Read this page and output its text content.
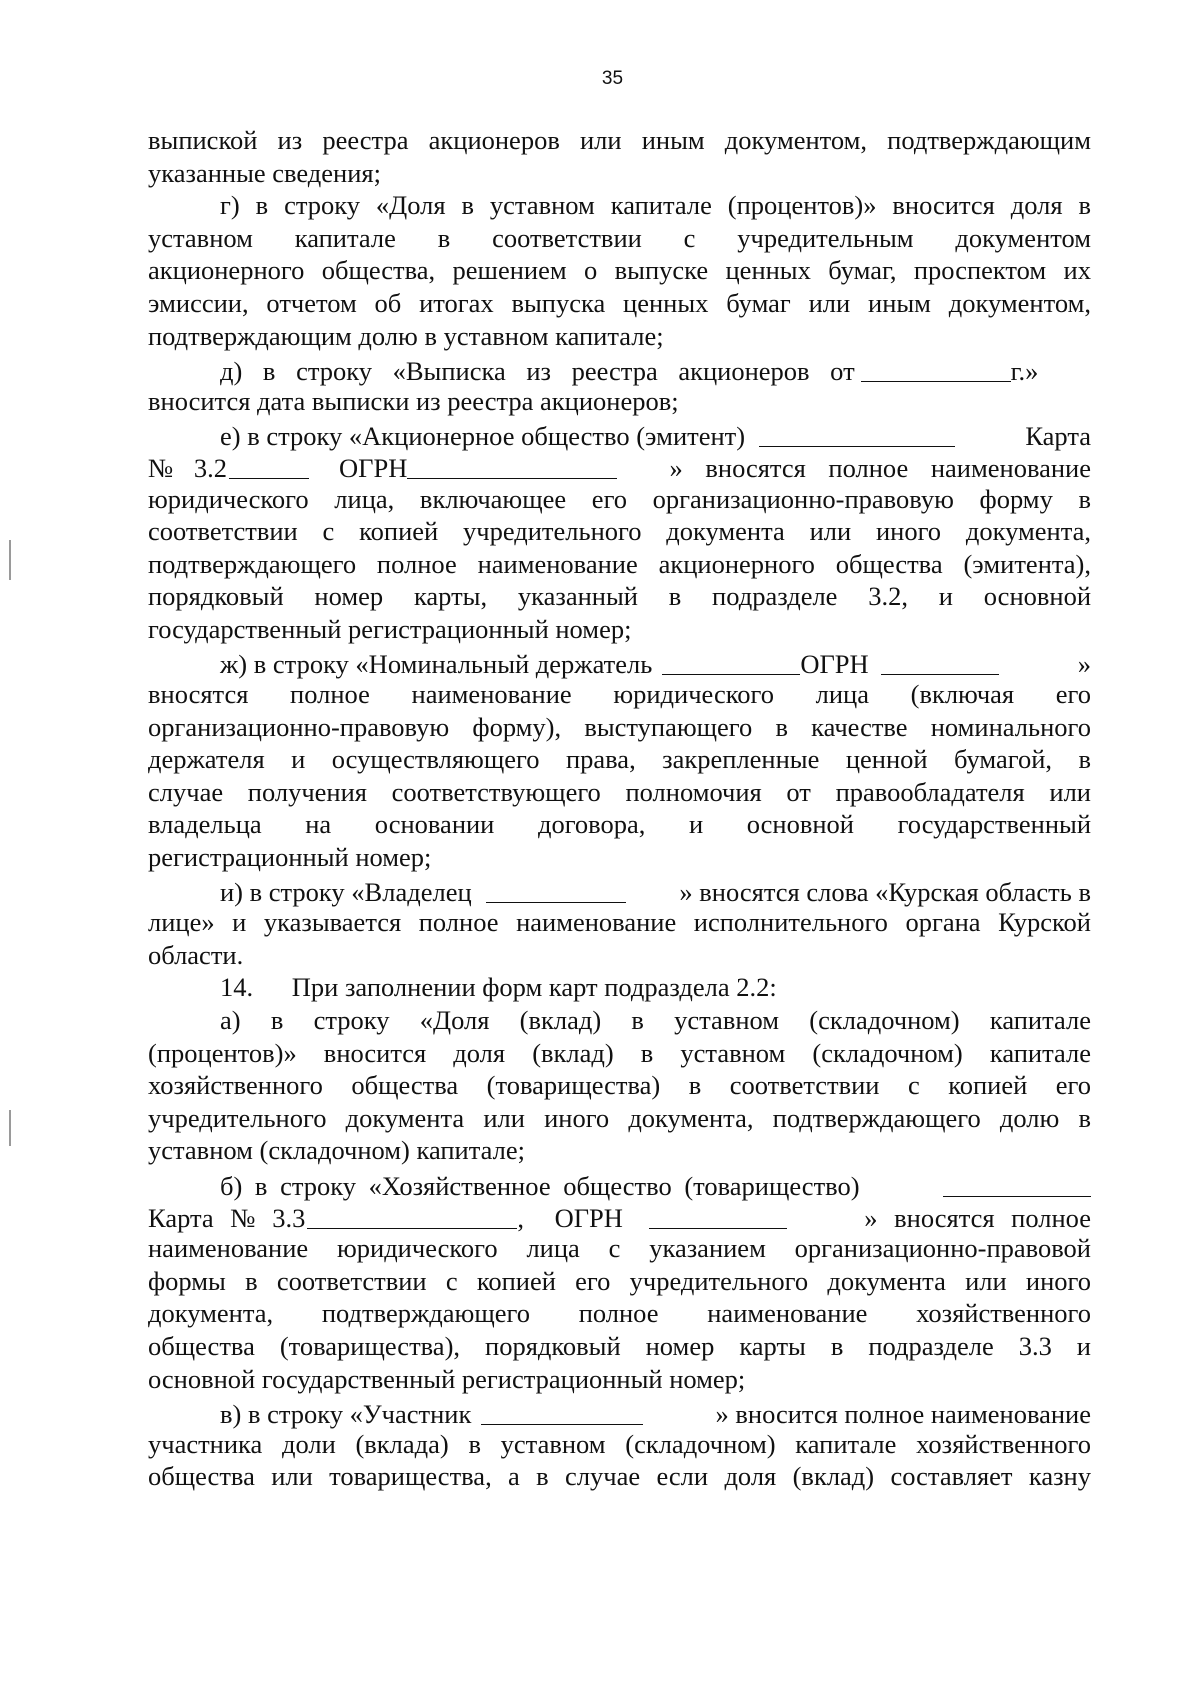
35
выпиской из реестра акционеров или иным документом, подтверждающим
указанные сведения;
г) в строку «Доля в уставном капитале (процентов)» вносится доля в
уставном капитале в соответствии с учредительным документом
акционерного общества, решением о выпуске ценных бумаг, проспектом их
эмиссии, отчетом об итогах выпуска ценных бумаг или иным документом,
подтверждающим долю в уставном капитале;
д) в строку «Выписка из реестра акционеров от	г.»
вносится дата выписки из реестра акционеров;
е) в строку «Акционерное общество (эмитент)	Карта
№ 3.2	ОГРН	» вносятся полное наименование
юридического лица, включающее его организационно-правовую форму в
соответствии с копией учредительного документа или иного документа,
подтверждающего полное наименование акционерного общества (эмитента),
порядковый номер карты, указанный в подразделе 3.2, и основной
государственный регистрационный номер;
ж) в строку «Номинальный держатель	ОГРН	»
вносятся полное наименование юридического лица (включая его
организационно-правовую форму), выступающего в качестве номинального
держателя и осуществляющего права, закрепленные ценной бумагой, в
случае получения соответствующего полномочия от правообладателя или
владельца на основании договора, и основной государственный
регистрационный номер;
и) в строку «Владелец	» вносятся слова «Курская область в
лице» и указывается полное наименование исполнительного органа Курской
области.
14. При заполнении форм карт подраздела 2.2:
а) в строку «Доля (вклад) в уставном (складочном) капитале
(процентов)» вносится доля (вклад) в уставном (складочном) капитале
хозяйственного общества (товарищества) в соответствии с копией его
учредительного документа или иного документа, подтверждающего долю в
уставном (складочном) капитале;
б) в строку «Хозяйственное общество (товарищество)
Карта № 3.3	, ОГРН	» вносятся полное
наименование юридического лица с указанием организационно-правовой
формы в соответствии с копией его учредительного документа или иного
документа, подтверждающего полное наименование хозяйственного
общества (товарищества), порядковый номер карты в подразделе 3.3 и
основной государственный регистрационный номер;
в) в строку «Участник	» вносится полное наименование
участника доли (вклада) в уставном (складочном) капитале хозяйственного
общества или товарищества, а в случае если доля (вклад) составляет казну
